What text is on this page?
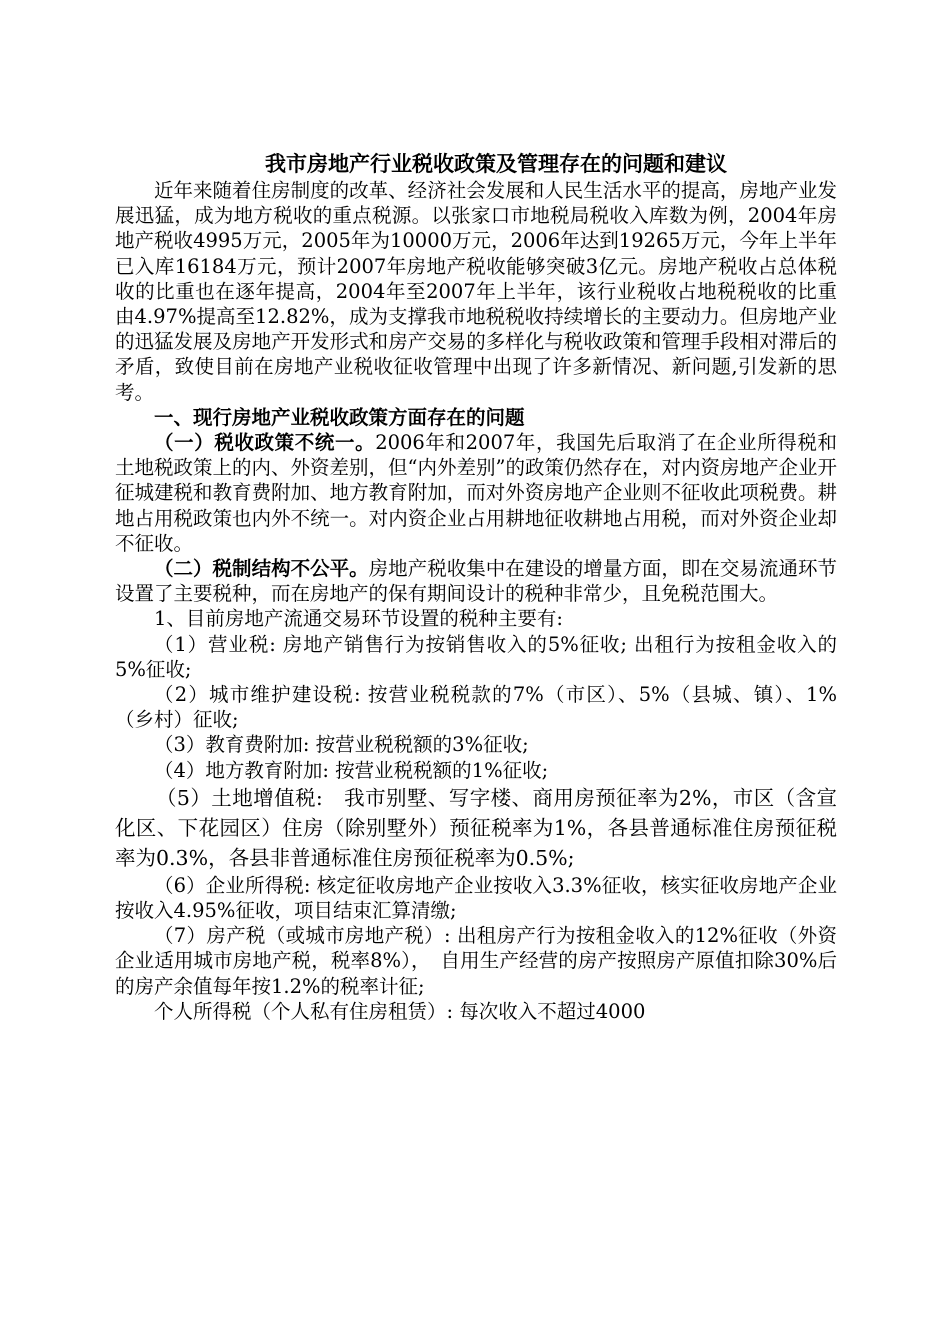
我市房地产行业税收政策及管理存在的问题和建议

近年来随着住房制度的改革、经济社会发展和人民生活水平的提高，房地产业发展迅猛，成为地方税收的重点税源。以张家口市地税局税收入库数为例，2004年房地产税收4995万元，2005年为10000万元，2006年达到19265万元，今年上半年已入库16184万元，预计2007年房地产税收能够突破3亿元。房地产税收占总体税收的比重也在逐年提高，2004年至2007年上半年，该行业税收占地税税收的比重由4.97%提高至12.82%，成为支撑我市地税税收持续增长的主要动力。但房地产业的迅猛发展及房地产开发形式和房产交易的多样化与税收政策和管理手段相对滞后的矛盾，致使目前在房地产业税收征收管理中出现了许多新情况、新问题,引发新的思考。

一、现行房地产业税收政策方面存在的问题

（一）税收政策不统一。2006年和2007年，我国先后取消了在企业所得税和土地税政策上的内、外资差别，但“内外差别”的政策仍然存在，对内资房地产企业开征城建税和教育费附加、地方教育附加，而对外资房地产企业则不征收此项税费。耕地占用税政策也内外不统一。对内资企业占用耕地征收耕地占用税，而对外资企业却不征收。

（二）税制结构不公平。房地产税收集中在建设的增量方面，即在交易流通环节设置了主要税种，而在房地产的保有期间设计的税种非常少，且免税范围大。

1、目前房地产流通交易环节设置的税种主要有:

（1）营业税: 房地产销售行为按销售收入的5%征收; 出租行为按租金收入的5%征收;

（2）城市维护建设税: 按营业税税款的7%（市区）、5%（县城、镇）、1%（乡村）征收;

（3）教育费附加: 按营业税税额的3%征收;

（4）地方教育附加: 按营业税税额的1%征收;

（5）土地增值税:　我市别墅、写字楼、商用房预征率为2%，市区（含宣化区、下花园区）住房（除别墅外）预征税率为1%，各县普通标准住房预征税率为0.3%，各县非普通标准住房预征税率为0.5%;

（6）企业所得税: 核定征收房地产企业按收入3.3%征收，核实征收房地产企业按收入4.95%征收，项目结束汇算清缴;

（7）房产税（或城市房地产税）: 出租房产行为按租金收入的12%征收（外资企业适用城市房地产税，税率8%），　自用生产经营的房产按照房产原值扣除30%后的房产余值每年按1.2%的税率计征;

个人所得税（个人私有住房租赁）: 每次收入不超过4000
